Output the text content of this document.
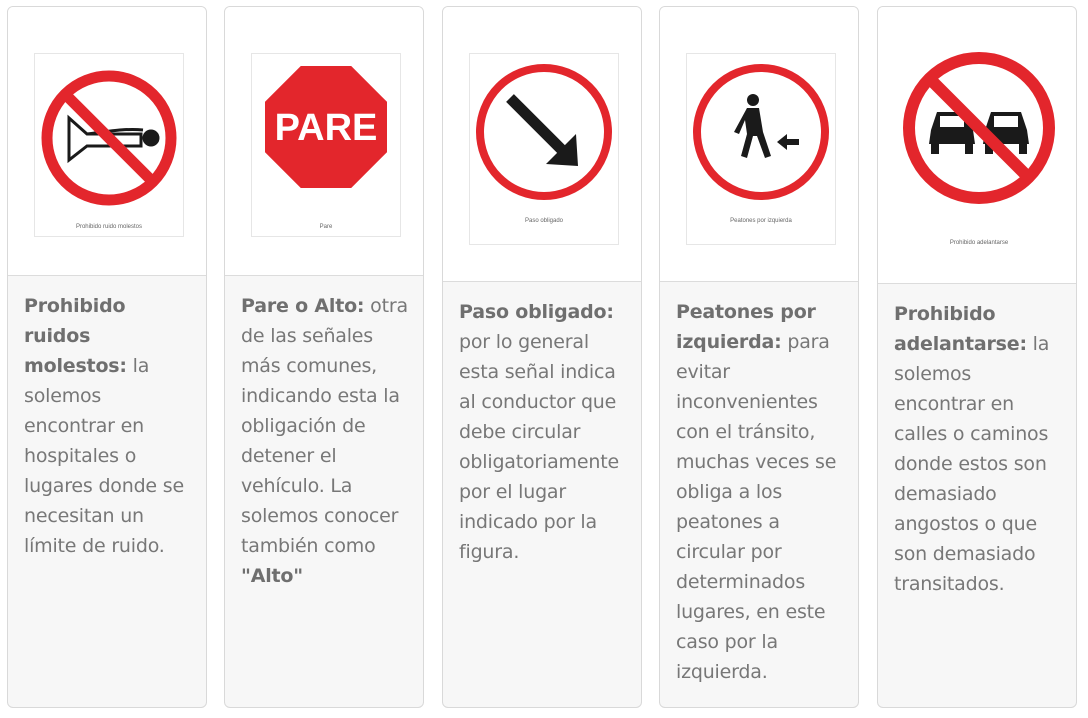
Prohibido ruido molestos
Prohibido ruidos molestos: la solemos encontrar en hospitales o lugares donde se necesitan un límite de ruido.
PARE
Pare
Pare o Alto: otra de las señales más comunes, indicando esta la obligación de detener el vehículo. La solemos conocer también como "Alto"
Paso obligado
Paso obligado: por lo general esta señal indica al conductor que debe circular obligatoriamente por el lugar indicado por la figura.
Peatones por izquierda
Peatones por izquierda: para evitar inconvenientes con el tránsito, muchas veces se obliga a los peatones a circular por determinados lugares, en este caso por la izquierda.
Prohibido adelantarse
Prohibido adelantarse: la solemos encontrar en calles o caminos donde estos son demasiado angostos o que son demasiado transitados.
